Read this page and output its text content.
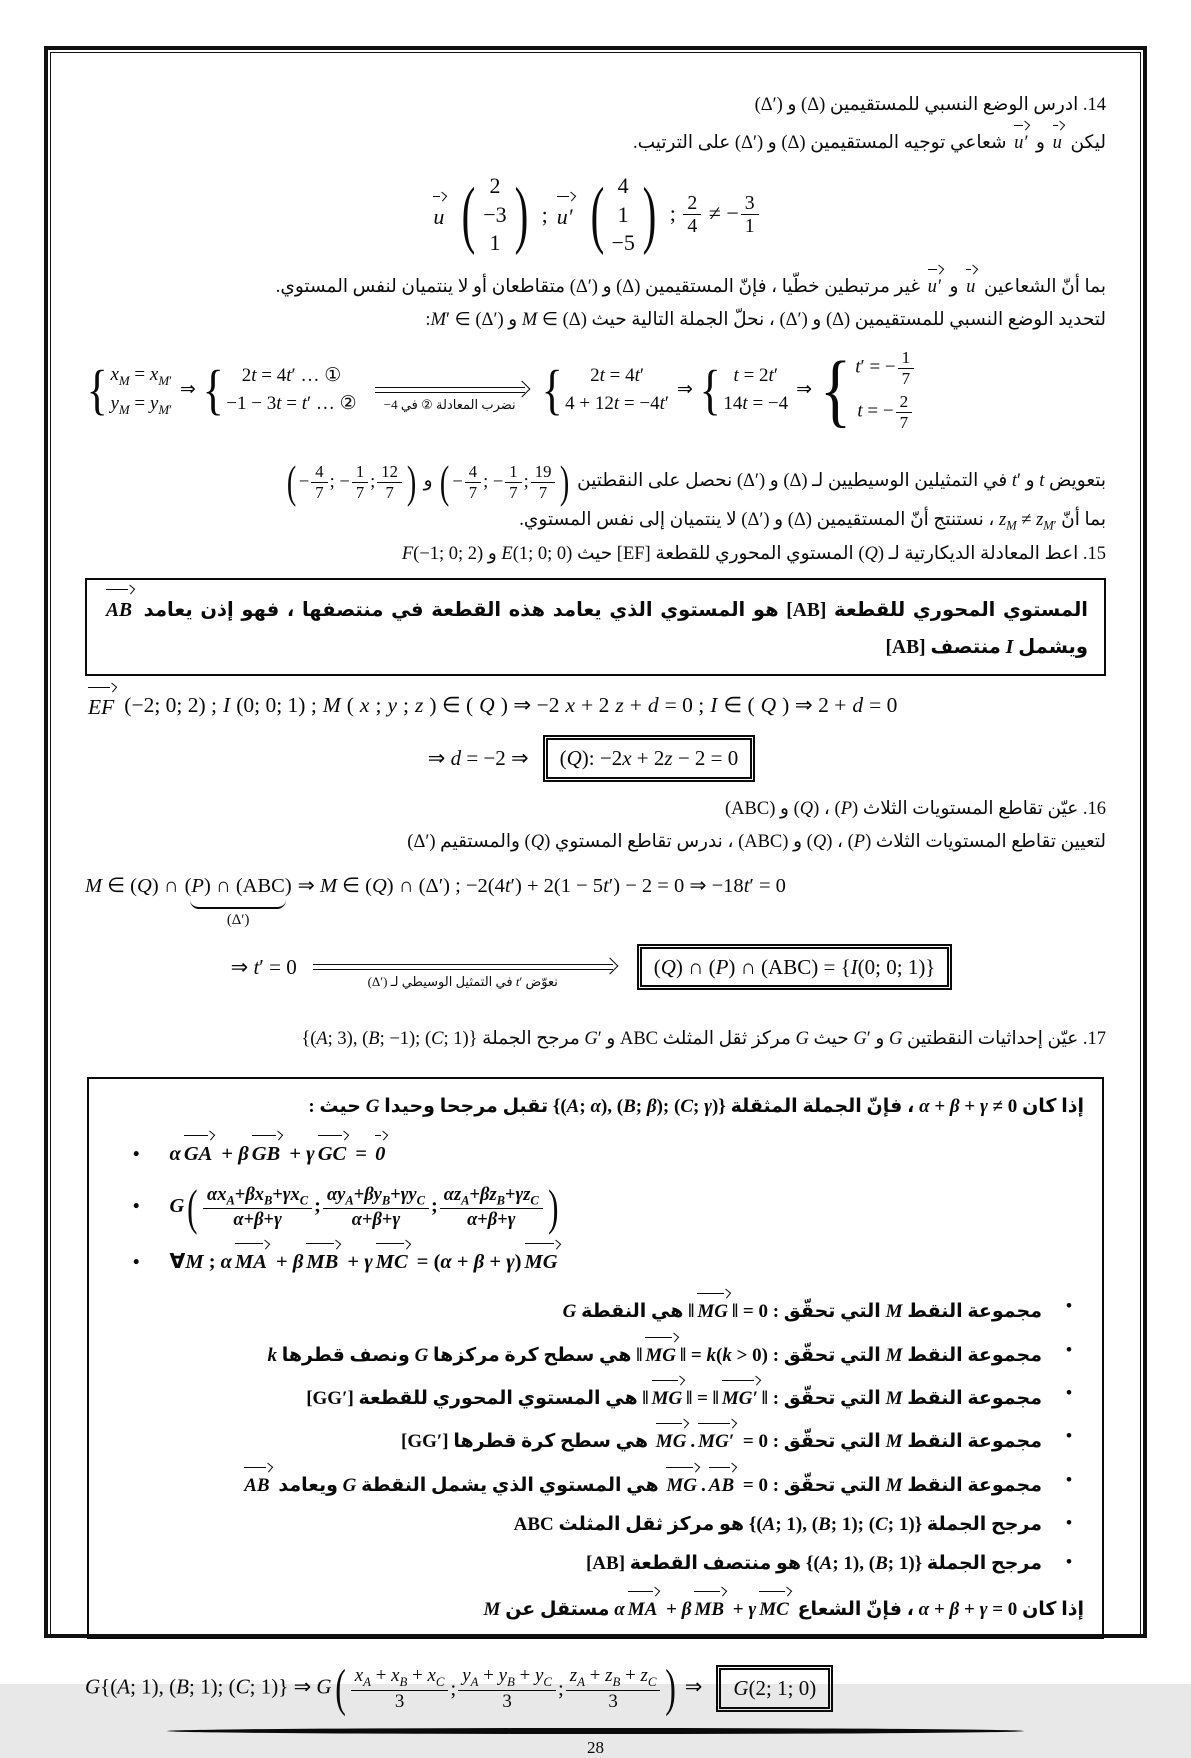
14. ادرس الوضع النسبي للمستقيمين (Δ) و (Δ′)
ليكن u و u′ شعاعي توجيه المستقيمين (Δ) و (Δ′) على الترتيب.
u
( 2
−3
1
)
; u′
( 4
1
−5
)
; $\frac{2}{4}$ ≠ − $\frac{3}{1}$
بما أنّ الشعاعين u و u′ غير مرتبطين خطّيا ، فإنّ المستقيمين (Δ) و (Δ′) متقاطعان أو لا ينتميان لنفس المستوي.
لتحديد الوضع النسبي للمستقيمين (Δ) و (Δ′) ، نحلّ الجملة التالية حيث M ∈ (Δ) و M′ ∈ (Δ′):
{ $x_M = x_{M'}$
$y_M = y_{M'}$
⇒
{ 2t = 4t′ … ①
−1 − 3t = t′ … ②	نضرب المعادلة ② في −4
{ 2t = 4t′
4 + 12t = −4t′
⇒
{ t = 2t′
14t = −4
⇒
{ t′ = − $\frac{1}{7}$
t = − $\frac{2}{7}$
بتعويض t و t′ في التمثيلين الوسيطيين لـ (Δ) و (Δ′) نحصل على النقطتين ( − $\frac{4}{7}$ ; − $\frac{1}{7}$ ; $\frac{19}{7}$
) و ( − $\frac{4}{7}$ ; − $\frac{1}{7}$ ; $\frac{12}{7}$
)
بما أنّ $z_M \ne z_{M'}$ ، نستنتج أنّ المستقيمين (Δ) و (Δ′) لا ينتميان إلى نفس المستوي.
15. اعط المعادلة الديكارتية لـ (Q) المستوي المحوري للقطعة [EF] حيث E(1; 0; 0) و F(−1; 0; 2)
المستوي المحوري للقطعة [AB] هو المستوي الذي يعامد هذه القطعة في منتصفها ، فهو إذن يعامد AB ويشمل I منتصف [AB]
EF (−2; 0; 2) ; I (0; 0; 1) ; M ( x ; y ; z ) ∈ ( Q ) ⇒ −2 x + 2 z + d = 0 ; I ∈ ( Q ) ⇒ 2 + d = 0
⇒ d = −2 ⇒	(Q): −2x + 2z − 2 = 0
16. عيّن تقاطع المستويات الثلاث (P) ، (Q) و (ABC)
لتعيين تقاطع المستويات الثلاث (P) ، (Q) و (ABC) ، ندرس تقاطع المستوي (Q) والمستقيم (Δ′)
M ∈ (Q) ∩ (P) ∩ (ABC)
(Δ′)
⇒ M ∈ (Q) ∩ (Δ′) ; −2(4t′) + 2(1 − 5t′) − 2 = 0 ⇒ −18t′ = 0
⇒ t′ = 0
نعوّض t′ في التمثيل الوسيطي لـ (Δ′)
(Q) ∩ (P) ∩ (ABC) = {I(0; 0; 1)}
17. عيّن إحداثيات النقطتين G و G′ حيث G مركز ثقل المثلث ABC و G′ مرجح الجملة {(A; 3), (B; −1); (C; 1)}
إذا كان α + β + γ ≠ 0 ، فإنّ الجملة المثقلة {(A; α), (B; β); (C; γ)} تقبل مرجحا وحيدا G حيث :
• α GA + β GB + γ GC = 0
• G ( $\frac{\alpha x_A+\beta x_B+\gamma x_C}{\alpha+\beta+\gamma}$ ; $\frac{\alpha y_A+\beta y_B+\gamma y_C}{\alpha+\beta+\gamma}$ ; $\frac{\alpha z_A+\beta z_B+\gamma z_C}{\alpha+\beta+\gamma}$
)
• ∀M ; α MA + β MB + γ MC = (α + β + γ) MG
• مجموعة النقط M التي تحقّق : ‖ MG ‖ = 0 هي النقطة G
• مجموعة النقط M التي تحقّق : ‖ MG ‖ = k(k > 0) هي سطح كرة مركزها G ونصف قطرها k
• مجموعة النقط M التي تحقّق : ‖ MG ‖ = ‖ MG′ ‖ هي المستوي المحوري للقطعة [GG′]
• مجموعة النقط M التي تحقّق : MG . MG′ = 0 هي سطح كرة قطرها [GG′]
• مجموعة النقط M التي تحقّق : MG . AB = 0 هي المستوي الذي يشمل النقطة G ويعامد AB
• مرجح الجملة {(A; 1), (B; 1); (C; 1)} هو مركز ثقل المثلث ABC
• مرجح الجملة {(A; 1), (B; 1)} هو منتصف القطعة [AB]
إذا كان α + β + γ = 0 ، فإنّ الشعاع α MA + β MB + γ MC مستقل عن M
G{(A; 1), (B; 1); (C; 1)} ⇒ G ( $\frac{x_A + x_B + x_C}{3}$ ; $\frac{y_A + y_B + y_C}{3}$ ; $\frac{z_A + z_B + z_C}{3}$
) ⇒	G(2; 1; 0)
28
